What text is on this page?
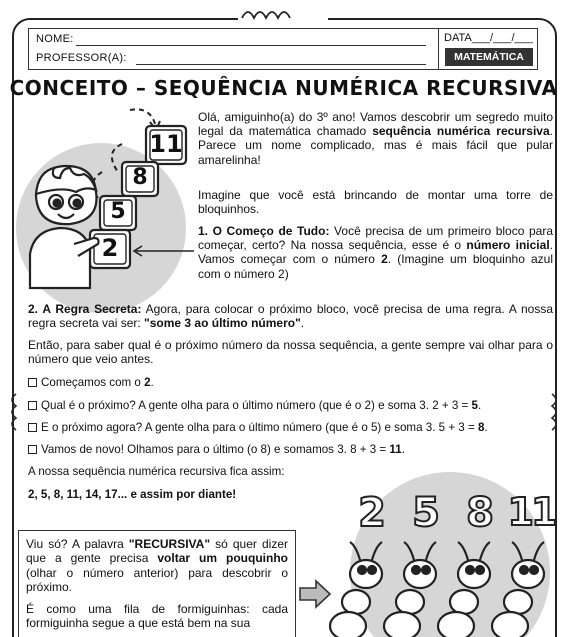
NOME:
PROFESSOR(A):
DATA___/___/___
MATEMÁTICA
CONCEITO – SEQUÊNCIA NUMÉRICA RECURSIVA
11
8
5
2
Olá, amiguinho(a) do 3º ano! Vamos descobrir um segredo muito legal da matemática chamado sequência numérica recursiva. Parece um nome complicado, mas é mais fácil que pular amarelinha!
Imagine que você está brincando de montar uma torre de bloquinhos.
1. O Começo de Tudo: Você precisa de um primeiro bloco para começar, certo? Na nossa sequência, esse é o número inicial. Vamos começar com o número 2. (Imagine um bloquinho azul com o número 2)
2. A Regra Secreta: Agora, para colocar o próximo bloco, você precisa de uma regra. A nossa regra secreta vai ser: "some 3 ao último número".
Então, para saber qual é o próximo número da nossa sequência, a gente sempre vai olhar para o número que veio antes.
Começamos com o 2.
Qual é o próximo? A gente olha para o último número (que é o 2) e soma 3. 2 + 3 = 5.
E o próximo agora? A gente olha para o último número (que é o 5) e soma 3. 5 + 3 = 8.
Vamos de novo! Olhamos para o último (o 8) e somamos 3. 8 + 3 = 11.
A nossa sequência numérica recursiva fica assim:
2, 5, 8, 11, 14, 17... e assim por diante!

Viu só? A palavra "RECURSIVA" só quer dizer que a gente precisa voltar um pouquinho (olhar o número anterior) para descobrir o próximo.

É como uma fila de formiguinhas: cada formiguinha segue a que está bem na sua

2 5 8 11
